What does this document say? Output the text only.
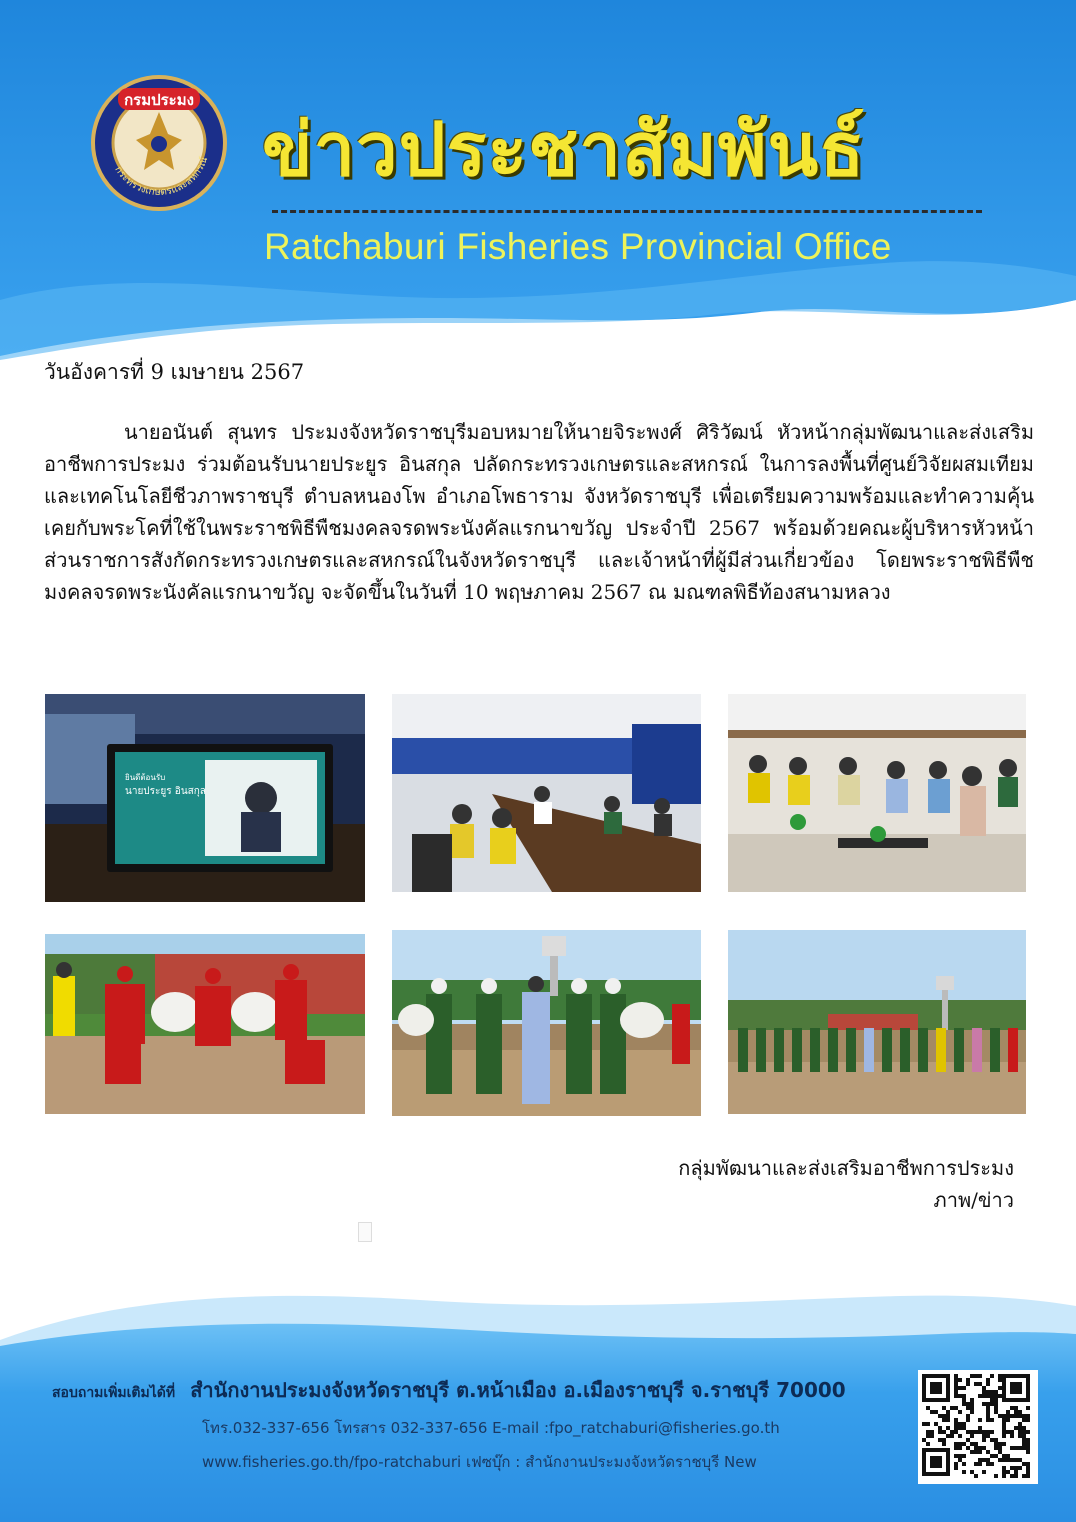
กรมประมง
กระทรวงเกษตรและสหกรณ์ ข่าวประชาสัมพันธ์
Ratchaburi Fisheries Provincial Office
วันอังคารที่ 9 เมษายน 2567

นายอนันต์ สุนทร ประมงจังหวัดราชบุรีมอบหมายให้นายจิระพงศ์ ศิริวัฒน์ หัวหน้ากลุ่มพัฒนาและส่งเสริมอาชีพการประมง ร่วมต้อนรับนายประยูร อินสกุล ปลัดกระทรวงเกษตรและสหกรณ์ ในการลงพื้นที่ศูนย์วิจัยผสมเทียมและเทคโนโลยีชีวภาพราชบุรี ตำบลหนองโพ อำเภอโพธาราม จังหวัดราชบุรี เพื่อเตรียมความพร้อมและทำความคุ้นเคยกับพระโคที่ใช้ในพระราชพิธีพืชมงคลจรดพระนังคัลแรกนาขวัญ ประจำปี 2567 พร้อมด้วยคณะผู้บริหารหัวหน้าส่วนราชการสังกัดกระทรวงเกษตรและสหกรณ์ในจังหวัดราชบุรี และเจ้าหน้าที่ผู้มีส่วนเกี่ยวข้อง โดยพระราชพิธีพืชมงคลจรดพระนังคัลแรกนาขวัญ จะจัดขึ้นในวันที่ 10 พฤษภาคม 2567 ณ มณฑลพิธีท้องสนามหลวง

ยินดีต้อนรับ
นายประยูร อินสกุล
กลุ่มพัฒนาและส่งเสริมอาชีพการประมง
ภาพ/ข่าว
สอบถามเพิ่มเติมได้ที่ สำนักงานประมงจังหวัดราชบุรี ต.หน้าเมือง อ.เมืองราชบุรี จ.ราชบุรี 70000
โทร.032-337-656 โทรสาร 032-337-656 E-mail :fpo_ratchaburi@fisheries.go.th
www.fisheries.go.th/fpo-ratchaburi เฟซบุ๊ก : สำนักงานประมงจังหวัดราชบุรี New
